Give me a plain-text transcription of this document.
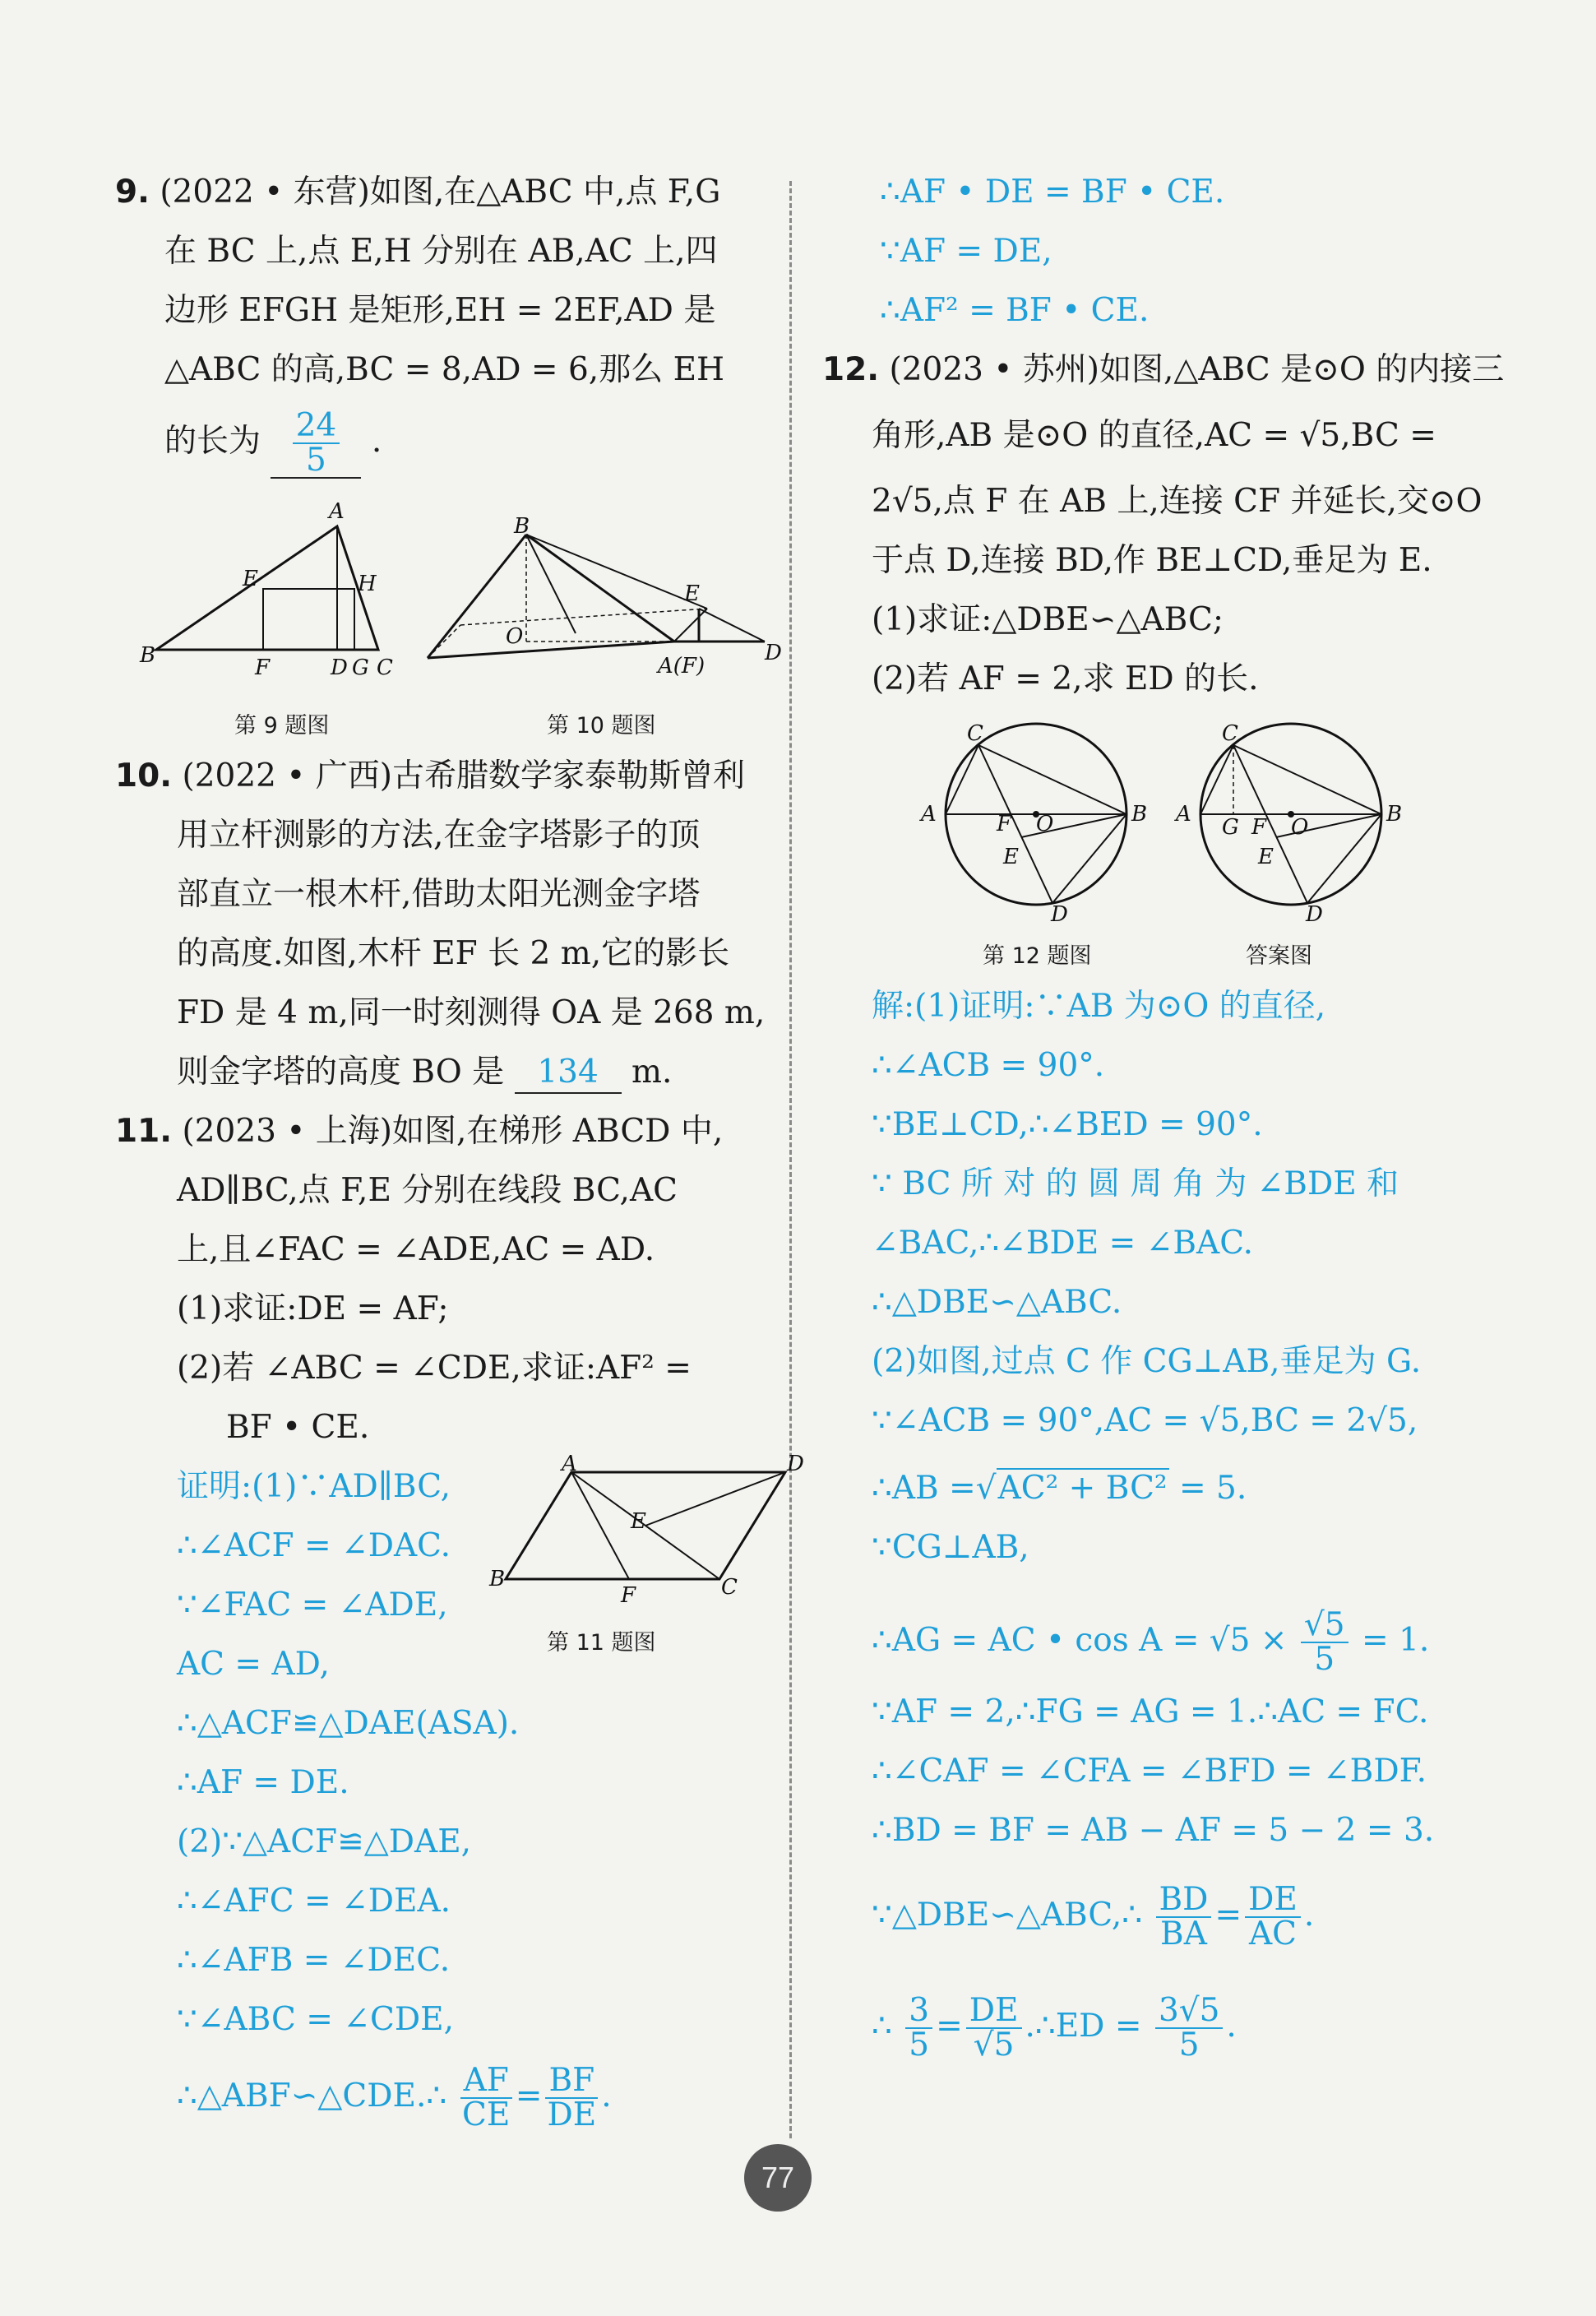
9. (2022 • 东营)如图,在△ABC 中,点 F,G
在 BC 上,点 E,H 分别在 AB,AC 上,四
边形 EFGH 是矩形,EH = 2EF,AD 是
△ABC 的高,BC = 8,AD = 6,那么 EH
的长为 $\frac{24}{5}$ .
A
E	H
B	F	D G C
第 9 题图
B
O
E
A(F)
D
第 10 题图
10. (2022 • 广西)古希腊数学家泰勒斯曾利
用立杆测影的方法,在金字塔影子的顶
部直立一根木杆,借助太阳光测金字塔
的高度.如图,木杆 EF 长 2 m,它的影长
FD 是 4 m,同一时刻测得 OA 是 268 m,
则金字塔的高度 BO 是 134 m.
11. (2023 • 上海)如图,在梯形 ABCD 中,
AD∥BC,点 F,E 分别在线段 BC,AC
上,且∠FAC = ∠ADE,AC = AD.
(1)求证:DE = AF;
(2)若 ∠ABC = ∠CDE,求证:AF² =
BF • CE.
A	D
E
B
F	C
第 11 题图
证明:(1)∵AD∥BC,
∴∠ACF = ∠DAC.
∵∠FAC = ∠ADE,
AC = AD,
∴△ACF≌△DAE(ASA).
∴AF = DE.
(2)∵△ACF≌△DAE,
∴∠AFC = ∠DEA.
∴∠AFB = ∠DEC.
∵∠ABC = ∠CDE,
∴△ABF∽△CDE.∴ $\frac{AF}{CE} = \frac{BF}{DE}$ .
∴AF • DE = BF • CE.
∵AF = DE,
∴AF² = BF • CE.
12. (2023 • 苏州)如图,△ABC 是⊙O 的内接三
角形,AB 是⊙O 的直径,AC = √5,BC =
2√5,点 F 在 AB 上,连接 CF 并延长,交⊙O
于点 D,连接 BD,作 BE⊥CD,垂足为 E.
(1)求证:△DBE∽△ABC;
(2)若 AF = 2,求 ED 的长.
C
A	B
F O
E
D
第 12 题图
C
A	B
G F O
E
D
答案图
解:(1)证明:∵AB 为⊙O 的直径,
∴∠ACB = 90°.
∵BE⊥CD,∴∠BED = 90°.
∵ BC 所 对 的 圆 周 角 为 ∠BDE 和
∠BAC,∴∠BDE = ∠BAC.
∴△DBE∽△ABC.
(2)如图,过点 C 作 CG⊥AB,垂足为 G.
∵∠ACB = 90°,AC = √5,BC = 2√5,
∴AB =√AC² + BC² = 5.
∵CG⊥AB,
∴AG = AC • $\cos A = √5 \times \frac{√5}{5} = 1$.
∵AF = 2,∴FG = AG = 1.∴AC = FC.
∴∠CAF = ∠CFA = ∠BFD = ∠BDF.
∴BD = BF = AB − AF = 5 − 2 = 3.
∵△DBE∽△ABC,∴ $\frac{BD}{BA} = \frac{DE}{AC}$ .
∴ $\frac{3}{5} = \frac{DE}{√5}$ .∴ED = $\frac{3√5}{5}$ .
77
